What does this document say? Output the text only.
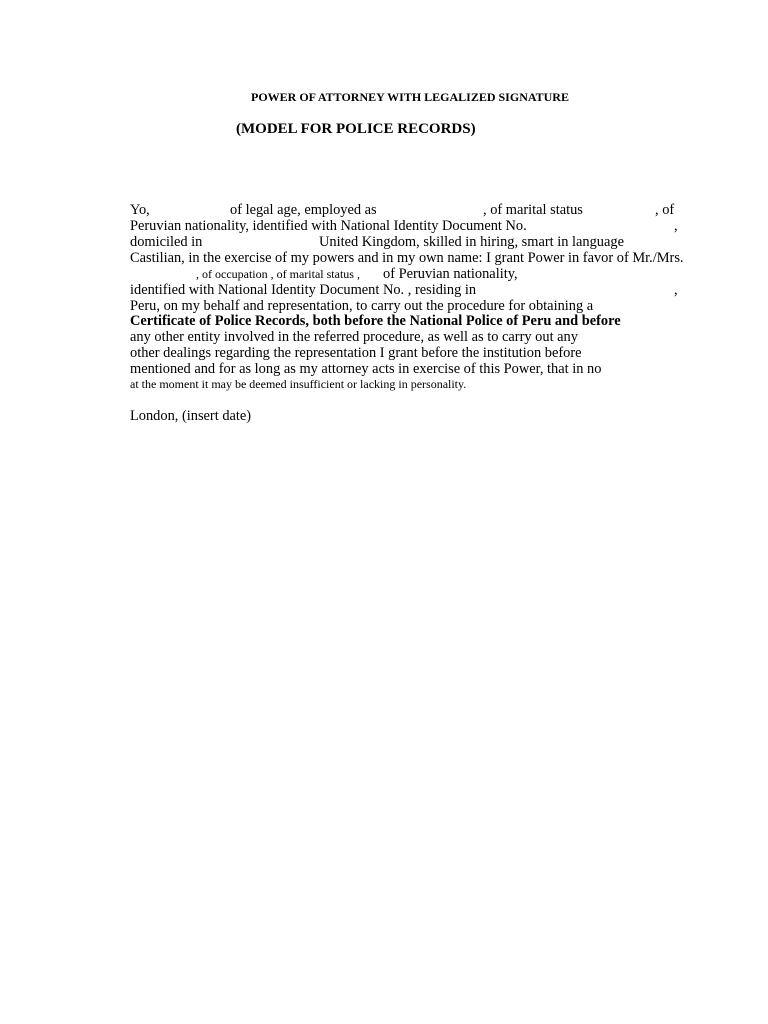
POWER OF ATTORNEY WITH LEGALIZED SIGNATURE
(MODEL FOR POLICE RECORDS)
Yo,	of legal age, employed as	, of marital status	, of
Peruvian nationality, identified with National Identity Document No.	,
domiciled in	United Kingdom, skilled in hiring, smart in language
Castilian, in the exercise of my powers and in my own name: I grant Power in favor of Mr./Mrs.
, of occupation , of marital status , of Peruvian nationality,
identified with National Identity Document No. , residing in	,
Peru, on my behalf and representation, to carry out the procedure for obtaining a
Certificate of Police Records, both before the National Police of Peru and before
any other entity involved in the referred procedure, as well as to carry out any
other dealings regarding the representation I grant before the institution before
mentioned and for as long as my attorney acts in exercise of this Power, that in no
at the moment it may be deemed insufficient or lacking in personality.
London, (insert date)
